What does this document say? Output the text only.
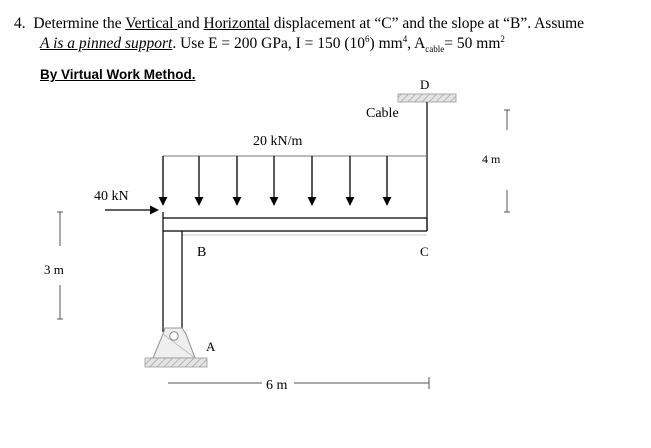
4. Determine the Vertical and Horizontal displacement at “C” and the slope at “B”. Assume
A is a pinned support. Use E = 200 GPa, I = 150 $(10^6)$ $mm^4$, $A_{cable}= 50$ $mm^2$
By Virtual Work Method.
D
Cable
4 m
20 kN/m
40 kN
B	C
3 m
A
6 m
